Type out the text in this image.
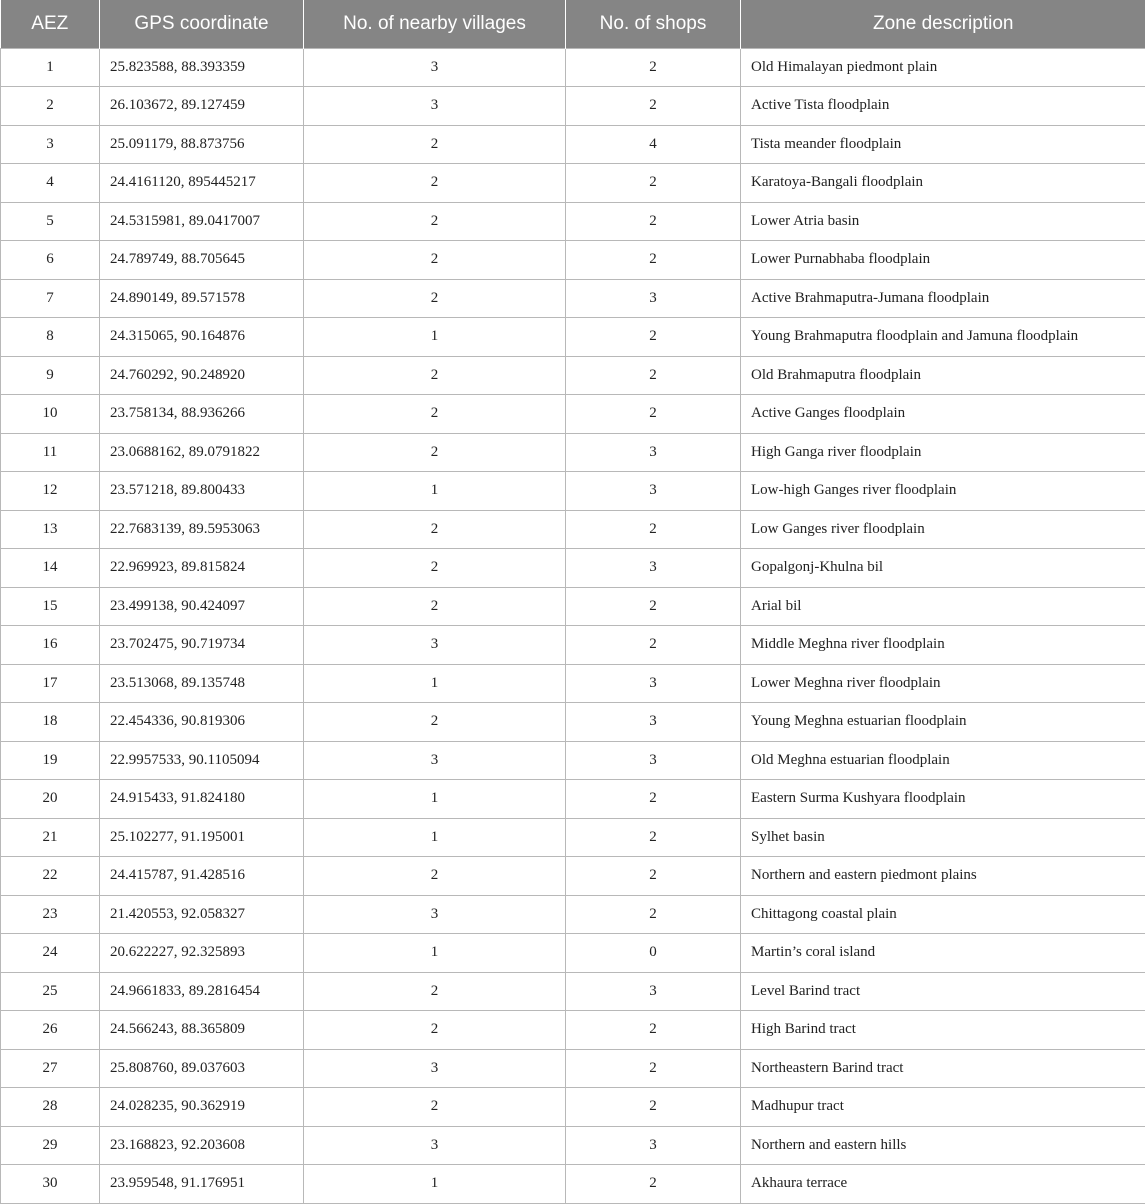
AEZ	GPS coordinate	No. of nearby villages	No. of shops	Zone description
1	25.823588, 88.393359	3	2	Old Himalayan piedmont plain
2	26.103672, 89.127459	3	2	Active Tista floodplain
3	25.091179, 88.873756	2	4	Tista meander floodplain
4	24.4161120, 895445217	2	2	Karatoya-Bangali floodplain
5	24.5315981, 89.0417007	2	2	Lower Atria basin
6	24.789749, 88.705645	2	2	Lower Purnabhaba floodplain
7	24.890149, 89.571578	2	3	Active Brahmaputra-Jumana floodplain
8	24.315065, 90.164876	1	2	Young Brahmaputra floodplain and Jamuna floodplain
9	24.760292, 90.248920	2	2	Old Brahmaputra floodplain
10	23.758134, 88.936266	2	2	Active Ganges floodplain
11	23.0688162, 89.0791822	2	3	High Ganga river floodplain
12	23.571218, 89.800433	1	3	Low-high Ganges river floodplain
13	22.7683139, 89.5953063	2	2	Low Ganges river floodplain
14	22.969923, 89.815824	2	3	Gopalgonj-Khulna bil
15	23.499138, 90.424097	2	2	Arial bil
16	23.702475, 90.719734	3	2	Middle Meghna river floodplain
17	23.513068, 89.135748	1	3	Lower Meghna river floodplain
18	22.454336, 90.819306	2	3	Young Meghna estuarian floodplain
19	22.9957533, 90.1105094	3	3	Old Meghna estuarian floodplain
20	24.915433, 91.824180	1	2	Eastern Surma Kushyara floodplain
21	25.102277, 91.195001	1	2	Sylhet basin
22	24.415787, 91.428516	2	2	Northern and eastern piedmont plains
23	21.420553, 92.058327	3	2	Chittagong coastal plain
24	20.622227, 92.325893	1	0	Martin’s coral island
25	24.9661833, 89.2816454	2	3	Level Barind tract
26	24.566243, 88.365809	2	2	High Barind tract
27	25.808760, 89.037603	3	2	Northeastern Barind tract
28	24.028235, 90.362919	2	2	Madhupur tract
29	23.168823, 92.203608	3	3	Northern and eastern hills
30	23.959548, 91.176951	1	2	Akhaura terrace
